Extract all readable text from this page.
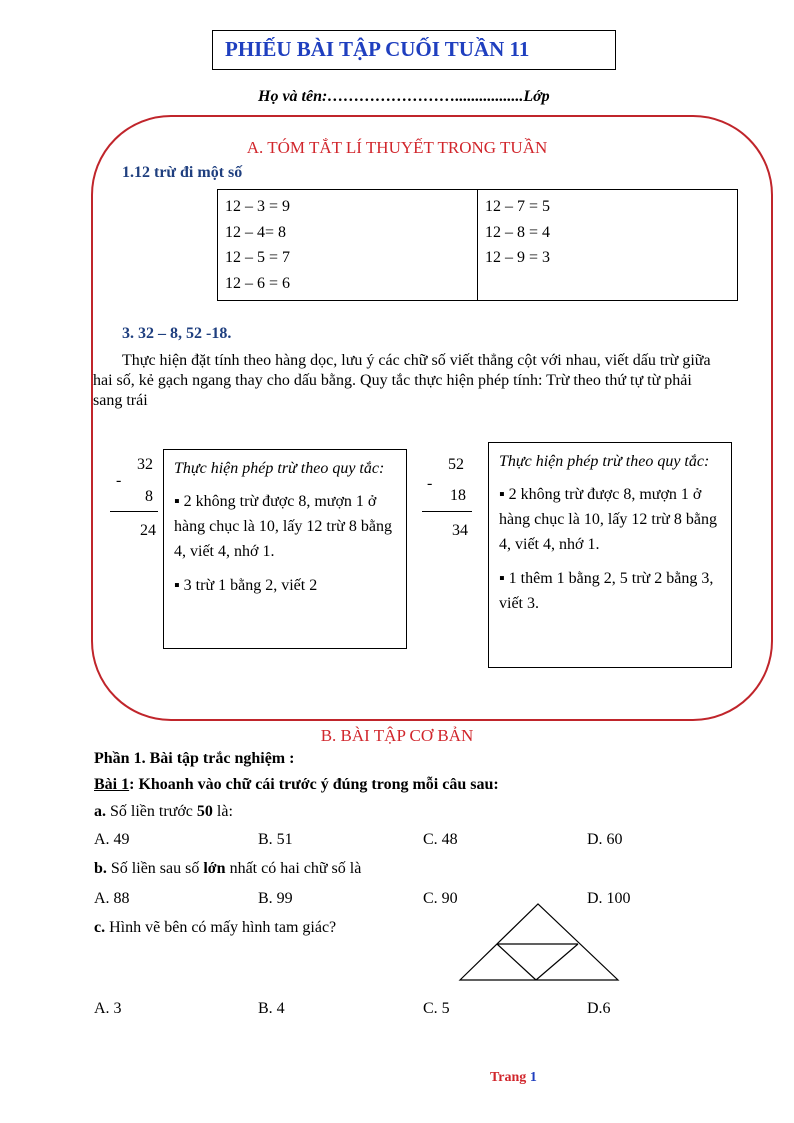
PHIẾU BÀI TẬP CUỐI TUẦN 11
Họ và tên:…………………….................Lớp
A. TÓM TẮT LÍ THUYẾT TRONG TUẦN
1.12 trừ đi một số
12 – 3 = 9
12 – 4= 8
12 – 5 = 7
12 – 6 = 6

12 – 7 = 5
12 – 8 = 4
12 – 9 = 3
3. 32 – 8, 52 -18.
Thực hiện đặt tính theo hàng dọc, lưu ý các chữ số viết thẳng cột với nhau, viết dấu trừ giữa hai số, kẻ gạch ngang thay cho dấu bằng. Quy tắc thực hiện phép tính: Trừ theo thứ tự từ phải sang trái
32
-
8
24

Thực hiện phép trừ theo quy tắc:

▪ 2 không trừ được 8, mượn 1 ở hàng chục là 10, lấy 12 trừ 8 bằng 4, viết 4, nhớ 1.

▪ 3 trừ 1 bằng 2, viết 2

52
-
18
34

Thực hiện phép trừ theo quy tắc:

▪ 2 không trừ được 8, mượn 1 ở hàng chục là 10, lấy 12 trừ 8 bằng 4, viết 4, nhớ 1.

▪ 1 thêm 1 bằng 2, 5 trừ 2 bằng 3, viết 3.

B. BÀI TẬP CƠ BẢN
Phần 1. Bài tập trắc nghiệm :
Bài 1: Khoanh vào chữ cái trước ý đúng trong mỗi câu sau:
a. Số liền trước 50 là:
A. 49	B. 51	C. 48	D. 60
b. Số liền sau số lớn nhất có hai chữ số là
A. 88	B. 99	C. 90	D. 100
c. Hình vẽ bên có mấy hình tam giác?
A. 3	B. 4	C. 5	D.6
Trang 1
